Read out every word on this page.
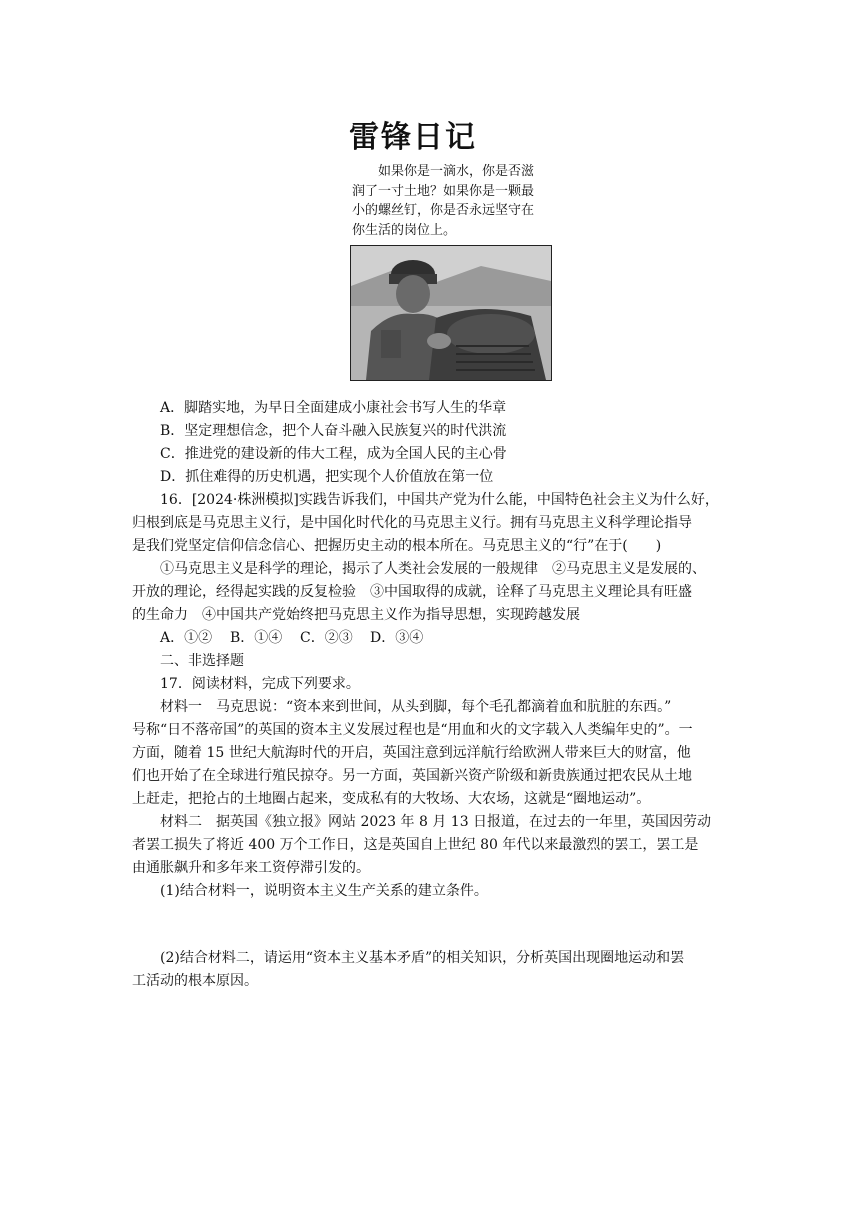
雷锋日记
如果你是一滴水，你是否滋
润了一寸土地？如果你是一颗最
小的螺丝钉，你是否永远坚守在
你生活的岗位上。
A．脚踏实地，为早日全面建成小康社会书写人生的华章
B．坚定理想信念，把个人奋斗融入民族复兴的时代洪流
C．推进党的建设新的伟大工程，成为全国人民的主心骨
D．抓住难得的历史机遇，把实现个人价值放在第一位
16．[2024·株洲模拟]实践告诉我们，中国共产党为什么能，中国特色社会主义为什么好，
归根到底是马克思主义行，是中国化时代化的马克思主义行。拥有马克思主义科学理论指导
是我们党坚定信仰信念信心、把握历史主动的根本所在。马克思主义的“行”在于(　　)
①马克思主义是科学的理论，揭示了人类社会发展的一般规律　②马克思主义是发展的、
开放的理论，经得起实践的反复检验　③中国取得的成就，诠释了马克思主义理论具有旺盛
的生命力　④中国共产党始终把马克思主义作为指导思想，实现跨越发展
A．①② B．①④ C．②③ D．③④
二、非选择题
17．阅读材料，完成下列要求。
材料一　马克思说：“资本来到世间，从头到脚，每个毛孔都滴着血和肮脏的东西。”
号称“日不落帝国”的英国的资本主义发展过程也是“用血和火的文字载入人类编年史的”。一
方面，随着 15 世纪大航海时代的开启，英国注意到远洋航行给欧洲人带来巨大的财富，他
们也开始了在全球进行殖民掠夺。另一方面，英国新兴资产阶级和新贵族通过把农民从土地
上赶走，把抢占的土地圈占起来，变成私有的大牧场、大农场，这就是“圈地运动”。
材料二　据英国《独立报》网站 2023 年 8 月 13 日报道，在过去的一年里，英国因劳动
者罢工损失了将近 400 万个工作日，这是英国自上世纪 80 年代以来最激烈的罢工，罢工是
由通胀飙升和多年来工资停滞引发的。
(1)结合材料一，说明资本主义生产关系的建立条件。
(2)结合材料二，请运用“资本主义基本矛盾”的相关知识，分析英国出现圈地运动和罢
工活动的根本原因。
